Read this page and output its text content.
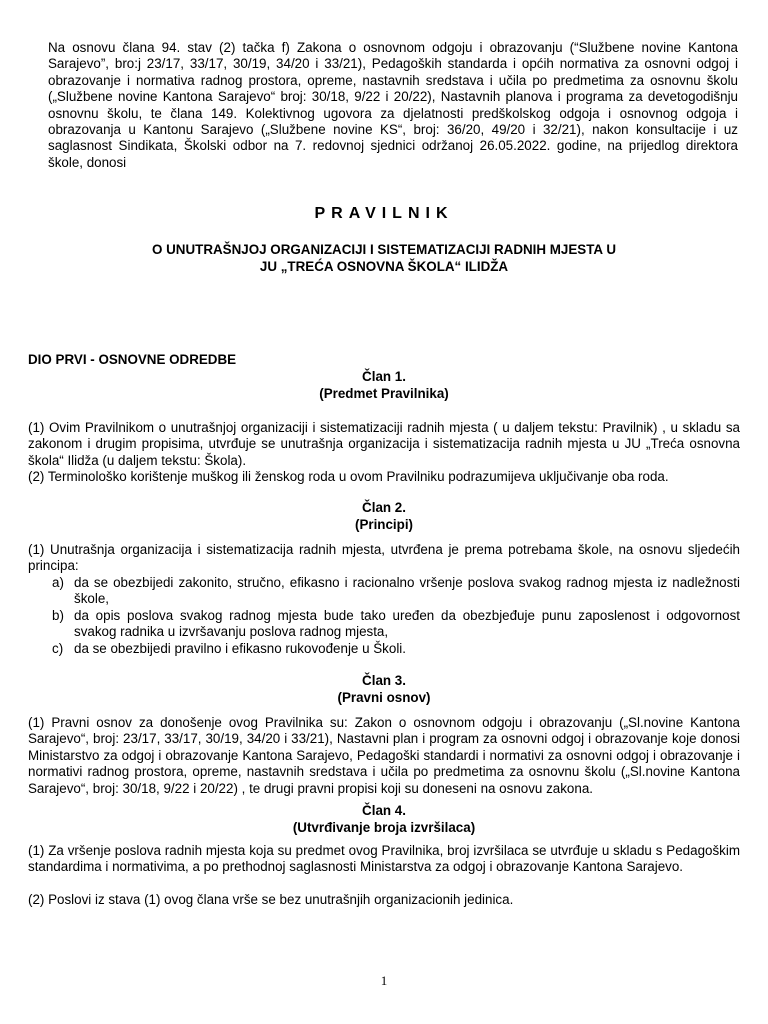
Na osnovu člana 94. stav (2) tačka f) Zakona o osnovnom odgoju i obrazovanju (“Službene novine Kantona Sarajevo”, bro:j 23/17, 33/17, 30/19, 34/20 i 33/21), Pedagoških standarda i općih normativa za osnovni odgoj i obrazovanje i normativa radnog prostora, opreme, nastavnih sredstava i učila po predmetima za osnovnu školu („Službene novine Kantona Sarajevo“ broj: 30/18, 9/22 i 20/22), Nastavnih planova i programa za devetogodišnju osnovnu školu, te člana 149. Kolektivnog ugovora za djelatnosti predškolskog odgoja i osnovnog odgoja i obrazovanja u Kantonu Sarajevo („Službene novine KS“, broj: 36/20, 49/20 i 32/21), nakon konsultacije i uz saglasnost Sindikata, Školski odbor na 7. redovnoj sjednici održanoj 26.05.2022. godine, na prijedlog direktora škole, donosi
PRAVILNIK
O UNUTRAŠNJOJ ORGANIZACIJI I SISTEMATIZACIJI RADNIH MJESTA U
JU „TREĆA OSNOVNA ŠKOLA“ ILIDŽA
DIO PRVI - OSNOVNE ODREDBE
Član 1.
(Predmet Pravilnika)
(1) Ovim Pravilnikom o unutrašnjoj organizaciji i sistematizaciji radnih mjesta ( u daljem tekstu: Pravilnik) , u skladu sa zakonom i drugim propisima, utvrđuje se unutrašnja organizacija i sistematizacija radnih mjesta u JU „Treća osnovna škola“ Ilidža (u daljem tekstu: Škola).
(2) Terminološko korištenje muškog ili ženskog roda u ovom Pravilniku podrazumijeva uključivanje oba roda.
Član 2.
(Principi)
(1) Unutrašnja organizacija i sistematizacija radnih mjesta, utvrđena je prema potrebama škole, na osnovu sljedećih principa:
a) da se obezbijedi zakonito, stručno, efikasno i racionalno vršenje poslova svakog radnog mjesta iz nadležnosti škole,
b) da opis poslova svakog radnog mjesta bude tako uređen da obezbjeđuje punu zaposlenost i odgovornost svakog radnika u izvršavanju poslova radnog mjesta,
c) da se obezbijedi pravilno i efikasno rukovođenje u Školi.
Član 3.
(Pravni osnov)
(1) Pravni osnov za donošenje ovog Pravilnika su: Zakon o osnovnom odgoju i obrazovanju („Sl.novine Kantona Sarajevo“, broj: 23/17, 33/17, 30/19, 34/20 i 33/21), Nastavni plan i program za osnovni odgoj i obrazovanje koje donosi Ministarstvo za odgoj i obrazovanje Kantona Sarajevo, Pedagoški standardi i normativi za osnovni odgoj i obrazovanje i normativi radnog prostora, opreme, nastavnih sredstava i učila po predmetima za osnovnu školu („Sl.novine Kantona Sarajevo“, broj: 30/18, 9/22 i 20/22) , te drugi pravni propisi koji su doneseni na osnovu zakona.
Član 4.
(Utvrđivanje broja izvršilaca)
(1) Za vršenje poslova radnih mjesta koja su predmet ovog Pravilnika, broj izvršilaca se utvrđuje u skladu s Pedagoškim standardima i normativima, a po prethodnoj saglasnosti Ministarstva za odgoj i obrazovanje Kantona Sarajevo.
(2) Poslovi iz stava (1) ovog člana vrše se bez unutrašnjih organizacionih jedinica.
1
